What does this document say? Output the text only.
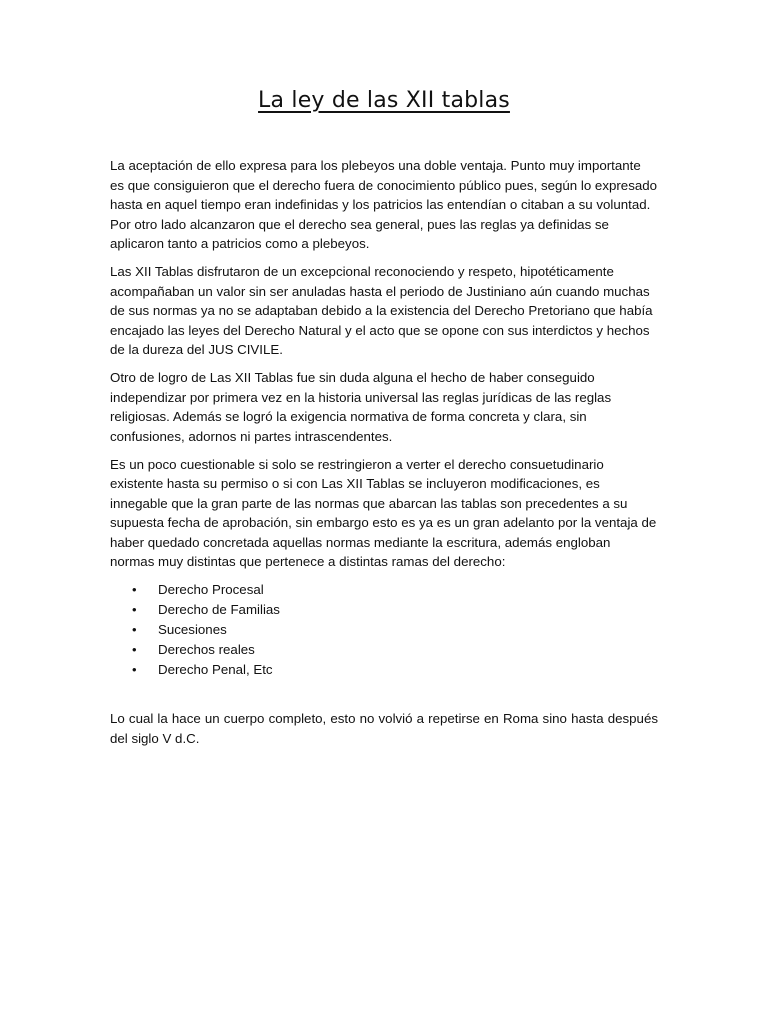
La ley de las XII tablas

La aceptación de ello expresa para los plebeyos una doble ventaja. Punto muy importante es que consiguieron que el derecho fuera de conocimiento público pues, según lo expresado hasta en aquel tiempo eran indefinidas y los patricios las entendían o citaban a su voluntad. Por otro lado alcanzaron que el derecho sea general, pues las reglas ya definidas se aplicaron tanto a patricios como a plebeyos.

Las XII Tablas disfrutaron de un excepcional reconociendo y respeto, hipotéticamente acompañaban un valor sin ser anuladas hasta el periodo de Justiniano aún cuando muchas de sus normas ya no se adaptaban debido a la existencia del Derecho Pretoriano que había encajado las leyes del Derecho Natural y el acto que se opone con sus interdictos y hechos de la dureza del JUS CIVILE.

Otro de logro de Las XII Tablas fue sin duda alguna el hecho de haber conseguido independizar por primera vez en la historia universal las reglas jurídicas de las reglas religiosas. Además se logró la exigencia normativa de forma concreta y clara, sin confusiones, adornos ni partes intrascendentes.

Es un poco cuestionable si solo se restringieron a verter el derecho consuetudinario existente hasta su permiso o si con Las XII Tablas se incluyeron modificaciones, es innegable que la gran parte de las normas que abarcan las tablas son precedentes a su supuesta fecha de aprobación, sin embargo esto es ya es un gran adelanto por la ventaja de haber quedado concretada aquellas normas mediante la escritura, además engloban normas muy distintas que pertenece a distintas ramas del derecho:

• Derecho Procesal
• Derecho de Familias
• Sucesiones
• Derechos reales
• Derecho Penal, Etc

Lo cual la hace un cuerpo completo, esto no volvió a repetirse en Roma sino hasta después del siglo V d.C.
